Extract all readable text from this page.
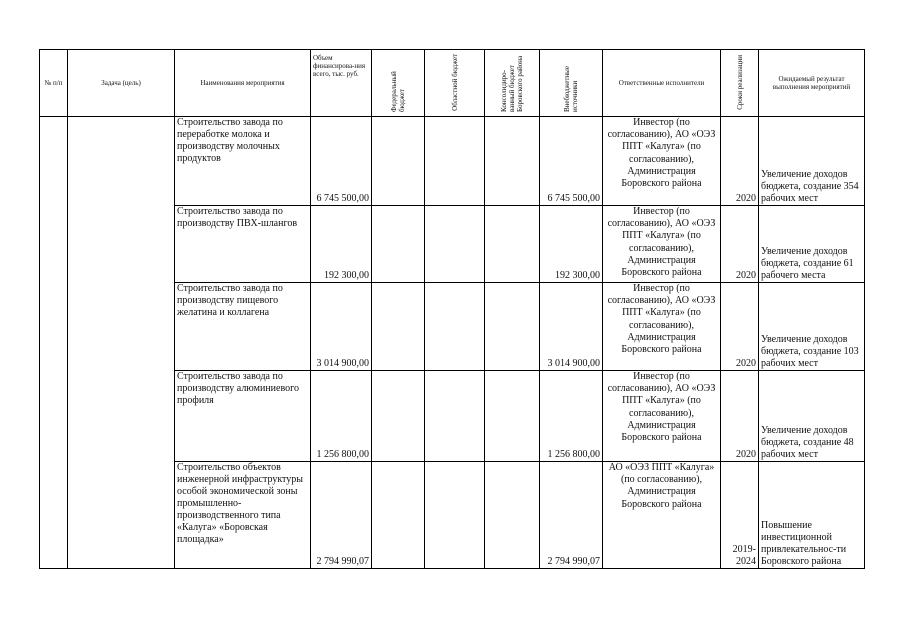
№ п/п	Задача (цель)	Наименования мероприятия	Объем финансирова-ния всего, тыс. руб.	Федеральный бюджет	Областной бюджет	Консолидиро-ванный бюджет Боровского района	Внебюджетные источники	Ответственные исполнители	Сроки реализации	Ожидаемый результат выполнения мероприятий
		Строительство завода по переработке молока и производству молочных продуктов	6 745 500,00				6 745 500,00	Инвестор (по согласованию), АО «ОЭЗ ППТ «Калуга» (по согласованию), Администрация Боровского района	2020	Увеличение доходов бюджета, создание 354 рабочих мест
		Строительство завода по производству ПВХ-шлангов	192 300,00				192 300,00	Инвестор (по согласованию), АО «ОЭЗ ППТ «Калуга» (по согласованию), Администрация Боровского района	2020	Увеличение доходов бюджета, создание 61 рабочего места
		Строительство завода по производству пищевого желатина и коллагена	3 014 900,00				3 014 900,00	Инвестор (по согласованию), АО «ОЭЗ ППТ «Калуга» (по согласованию), Администрация Боровского района	2020	Увеличение доходов бюджета, создание 103 рабочих мест
		Строительство завода по производству алюминиевого профиля	1 256 800,00				1 256 800,00	Инвестор (по согласованию), АО «ОЭЗ ППТ «Калуга» (по согласованию), Администрация Боровского района	2020	Увеличение доходов бюджета, создание 48 рабочих мест
		Строительство объектов инженерной инфраструктуры особой экономической зоны промышленно-производственного типа «Калуга» «Боровская площадка»	2 794 990,07				2 794 990,07	АО «ОЭЗ ППТ «Калуга» (по согласованию), Администрация Боровского района	2019-2024	Повышение инвестиционной привлекательнос-ти Боровского района
